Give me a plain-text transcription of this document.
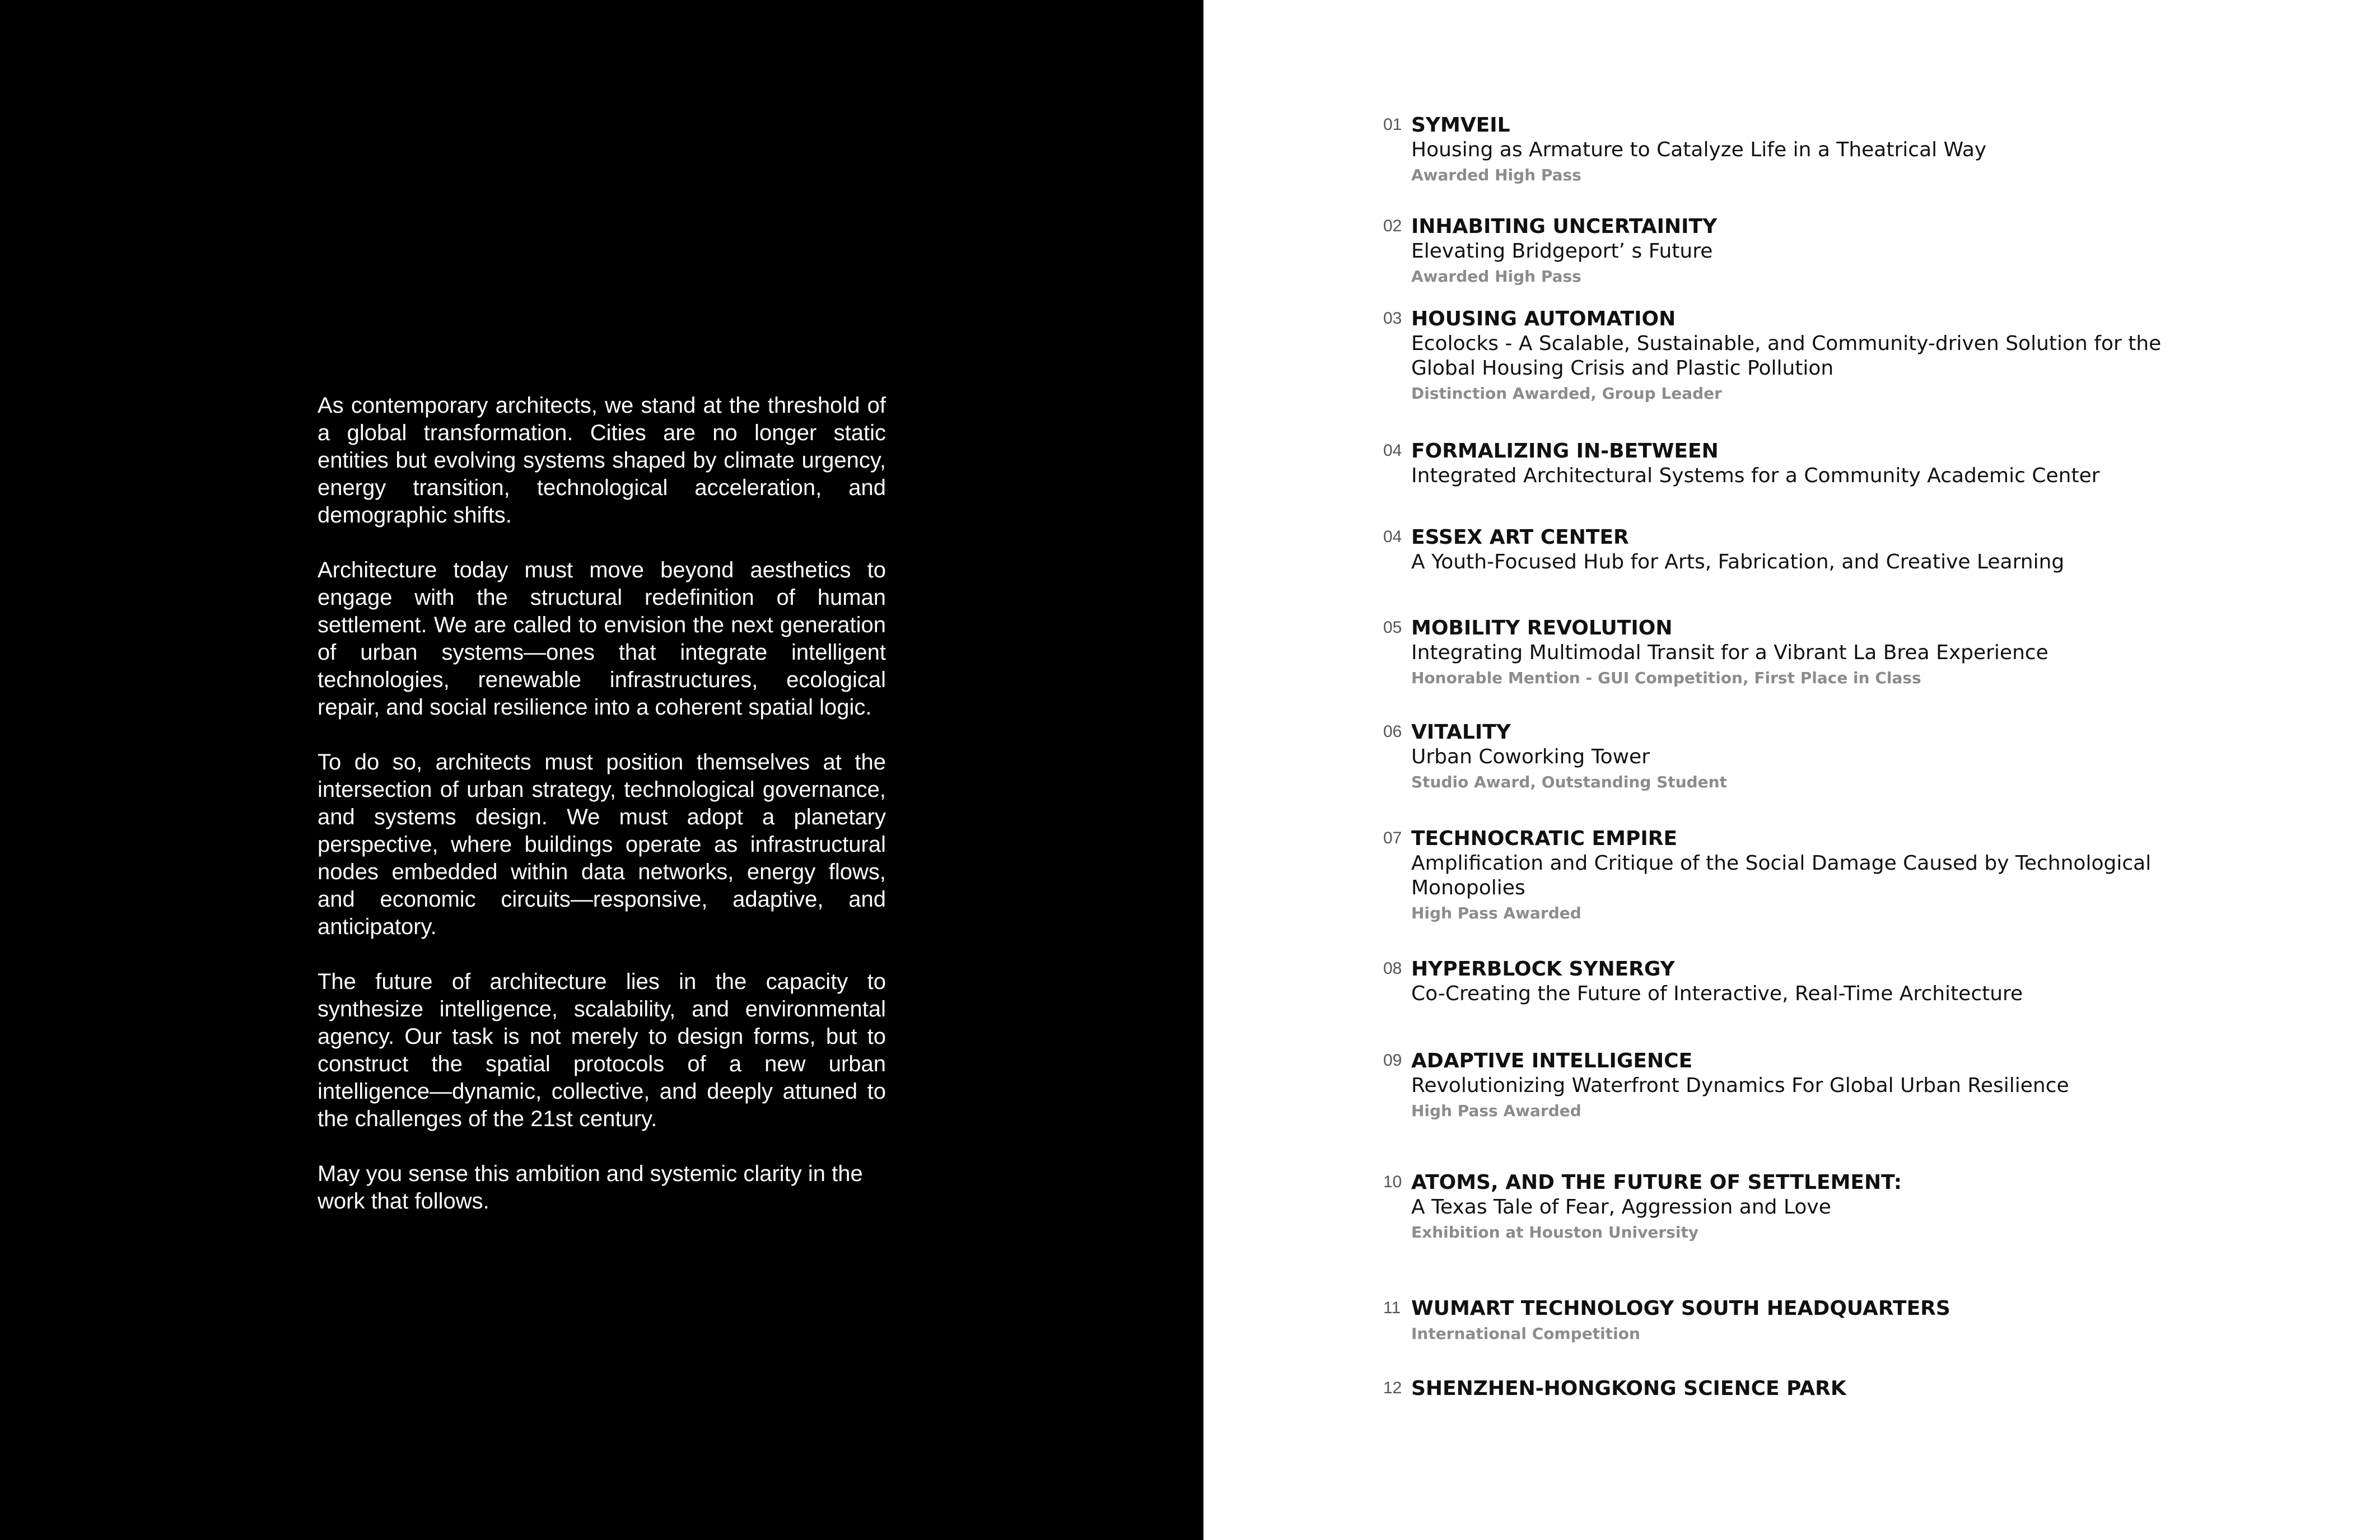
As contemporary architects, we stand at the threshold of a global transformation. Cities are no longer static entities but evolving systems shaped by climate urgency, energy transition, technological acceleration, and demographic shifts.

Architecture today must move beyond aesthetics to engage with the structural redefinition of human settlement. We are called to envision the next generation of urban systems—ones that integrate intelligent technologies, renewable infrastructures, ecological repair, and social resilience into a coherent spatial logic.

To do so, architects must position themselves at the intersection of urban strategy, technological governance, and systems design. We must adopt a planetary perspective, where buildings operate as infrastructural nodes embedded within data networks, energy flows, and economic circuits—responsive, adaptive, and anticipatory.

The future of architecture lies in the capacity to synthesize intelligence, scalability, and environmental agency. Our task is not merely to design forms, but to construct the spatial protocols of a new urban intelligence—dynamic, collective, and deeply attuned to the challenges of the 21st century.

May you sense this ambition and systemic clarity in the work that follows.

01 SYMVEIL
Housing as Armature to Catalyze Life in a Theatrical Way
Awarded High Pass
02 INHABITING UNCERTAINITY
Elevating Bridgeport’ s Future
Awarded High Pass
03 HOUSING AUTOMATION
Ecolocks - A Scalable, Sustainable, and Community-driven Solution for the Global Housing Crisis and Plastic Pollution
Distinction Awarded, Group Leader
04 FORMALIZING IN-BETWEEN
Integrated Architectural Systems for a Community Academic Center
04 ESSEX ART CENTER
A Youth-Focused Hub for Arts, Fabrication, and Creative Learning
05 MOBILITY REVOLUTION
Integrating Multimodal Transit for a Vibrant La Brea Experience
Honorable Mention - GUI Competition, First Place in Class
06 VITALITY
Urban Coworking Tower
Studio Award, Outstanding Student
07 TECHNOCRATIC EMPIRE
Amplification and Critique of the Social Damage Caused by Technological Monopolies
High Pass Awarded
08 HYPERBLOCK SYNERGY
Co-Creating the Future of Interactive, Real-Time Architecture
09 ADAPTIVE INTELLIGENCE
Revolutionizing Waterfront Dynamics For Global Urban Resilience
High Pass Awarded
10 ATOMS, AND THE FUTURE OF SETTLEMENT:
A Texas Tale of Fear, Aggression and Love
Exhibition at Houston University
11 WUMART TECHNOLOGY SOUTH HEADQUARTERS
International Competition
12 SHENZHEN-HONGKONG SCIENCE PARK
